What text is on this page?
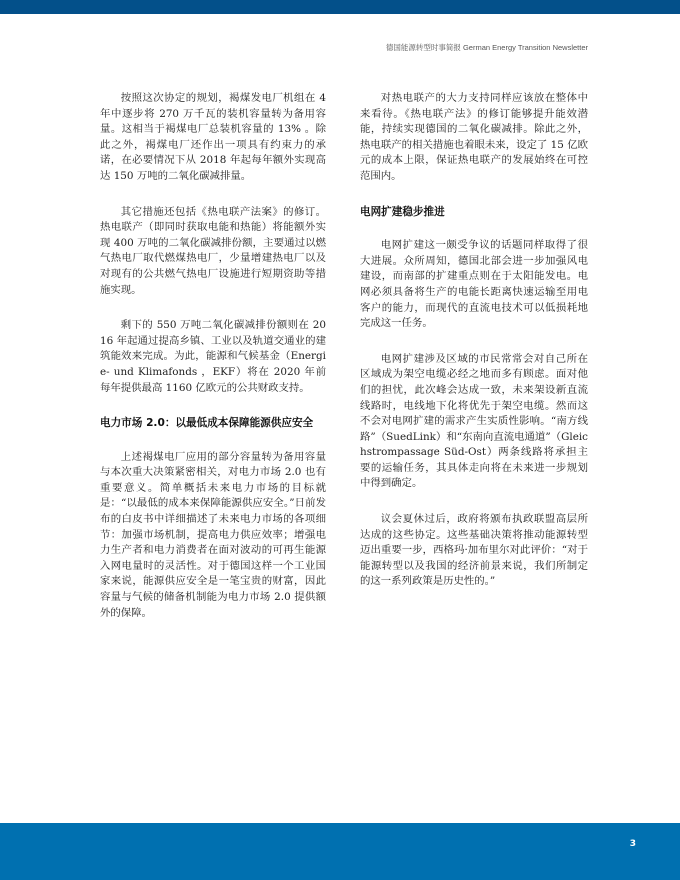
德国能源转型时事简报 German Energy Transition Newsletter

按照这次协定的规划，褐煤发电厂机组在 4 年中逐步将 270 万千瓦的装机容量转为备用容量。这相当于褐煤电厂总装机容量的 13% 。除此之外，褐煤电厂还作出一项具有约束力的承诺，在必要情况下从 2018 年起每年额外实现高达 150 万吨的二氧化碳减排量。

其它措施还包括《热电联产法案》的修订。热电联产（即同时获取电能和热能）将能额外实现 400 万吨的二氧化碳减排份额，主要通过以燃气热电厂取代燃煤热电厂，少量增建热电厂以及对现有的公共燃气热电厂设施进行短期资助等措施实现。

剩下的 550 万吨二氧化碳减排份额则在 2016 年起通过提高乡镇、工业以及轨道交通业的建筑能效来完成。为此，能源和气候基金（Energie- und Klimafonds ，EKF）将在 2020 年前每年提供最高 1160 亿欧元的公共财政支持。

电力市场 2.0：以最低成本保障能源供应安全

上述褐煤电厂应用的部分容量转为备用容量与本次重大决策紧密相关，对电力市场 2.0 也有重要意义。简单概括未来电力市场的目标就是：“以最低的成本来保障能源供应安全。”日前发布的白皮书中详细描述了未来电力市场的各项细节：加强市场机制，提高电力供应效率；增强电力生产者和电力消费者在面对波动的可再生能源入网电量时的灵活性。对于德国这样一个工业国家来说，能源供应安全是一笔宝贵的财富，因此容量与气候的储备机制能为电力市场 2.0 提供额外的保障。

对热电联产的大力支持同样应该放在整体中来看待。《热电联产法》的修订能够提升能效潜能，持续实现德国的二氧化碳减排。除此之外，热电联产的相关措施也着眼未来，设定了 15 亿欧元的成本上限，保证热电联产的发展始终在可控范围内。

电网扩建稳步推进

电网扩建这一颇受争议的话题同样取得了很大进展。众所周知，德国北部会进一步加强风电建设，而南部的扩建重点则在于太阳能发电。电网必须具备将生产的电能长距离快速运输至用电客户的能力，而现代的直流电技术可以低损耗地完成这一任务。

电网扩建涉及区域的市民常常会对自己所在区域成为架空电缆必经之地而多有顾虑。面对他们的担忧，此次峰会达成一致，未来架设新直流线路时，电线地下化将优先于架空电缆。然而这不会对电网扩建的需求产生实质性影响。“南方线路”（SuedLink）和“东南向直流电通道”（Gleichstrompassage Süd-Ost）两条线路将承担主要的运输任务，其具体走向将在未来进一步规划中得到确定。

议会夏休过后，政府将颁布执政联盟高层所达成的这些协定。这些基础决策将推动能源转型迈出重要一步，西格玛·加布里尔对此评价：“对于能源转型以及我国的经济前景来说，我们所制定的这一系列政策是历史性的。”

3
